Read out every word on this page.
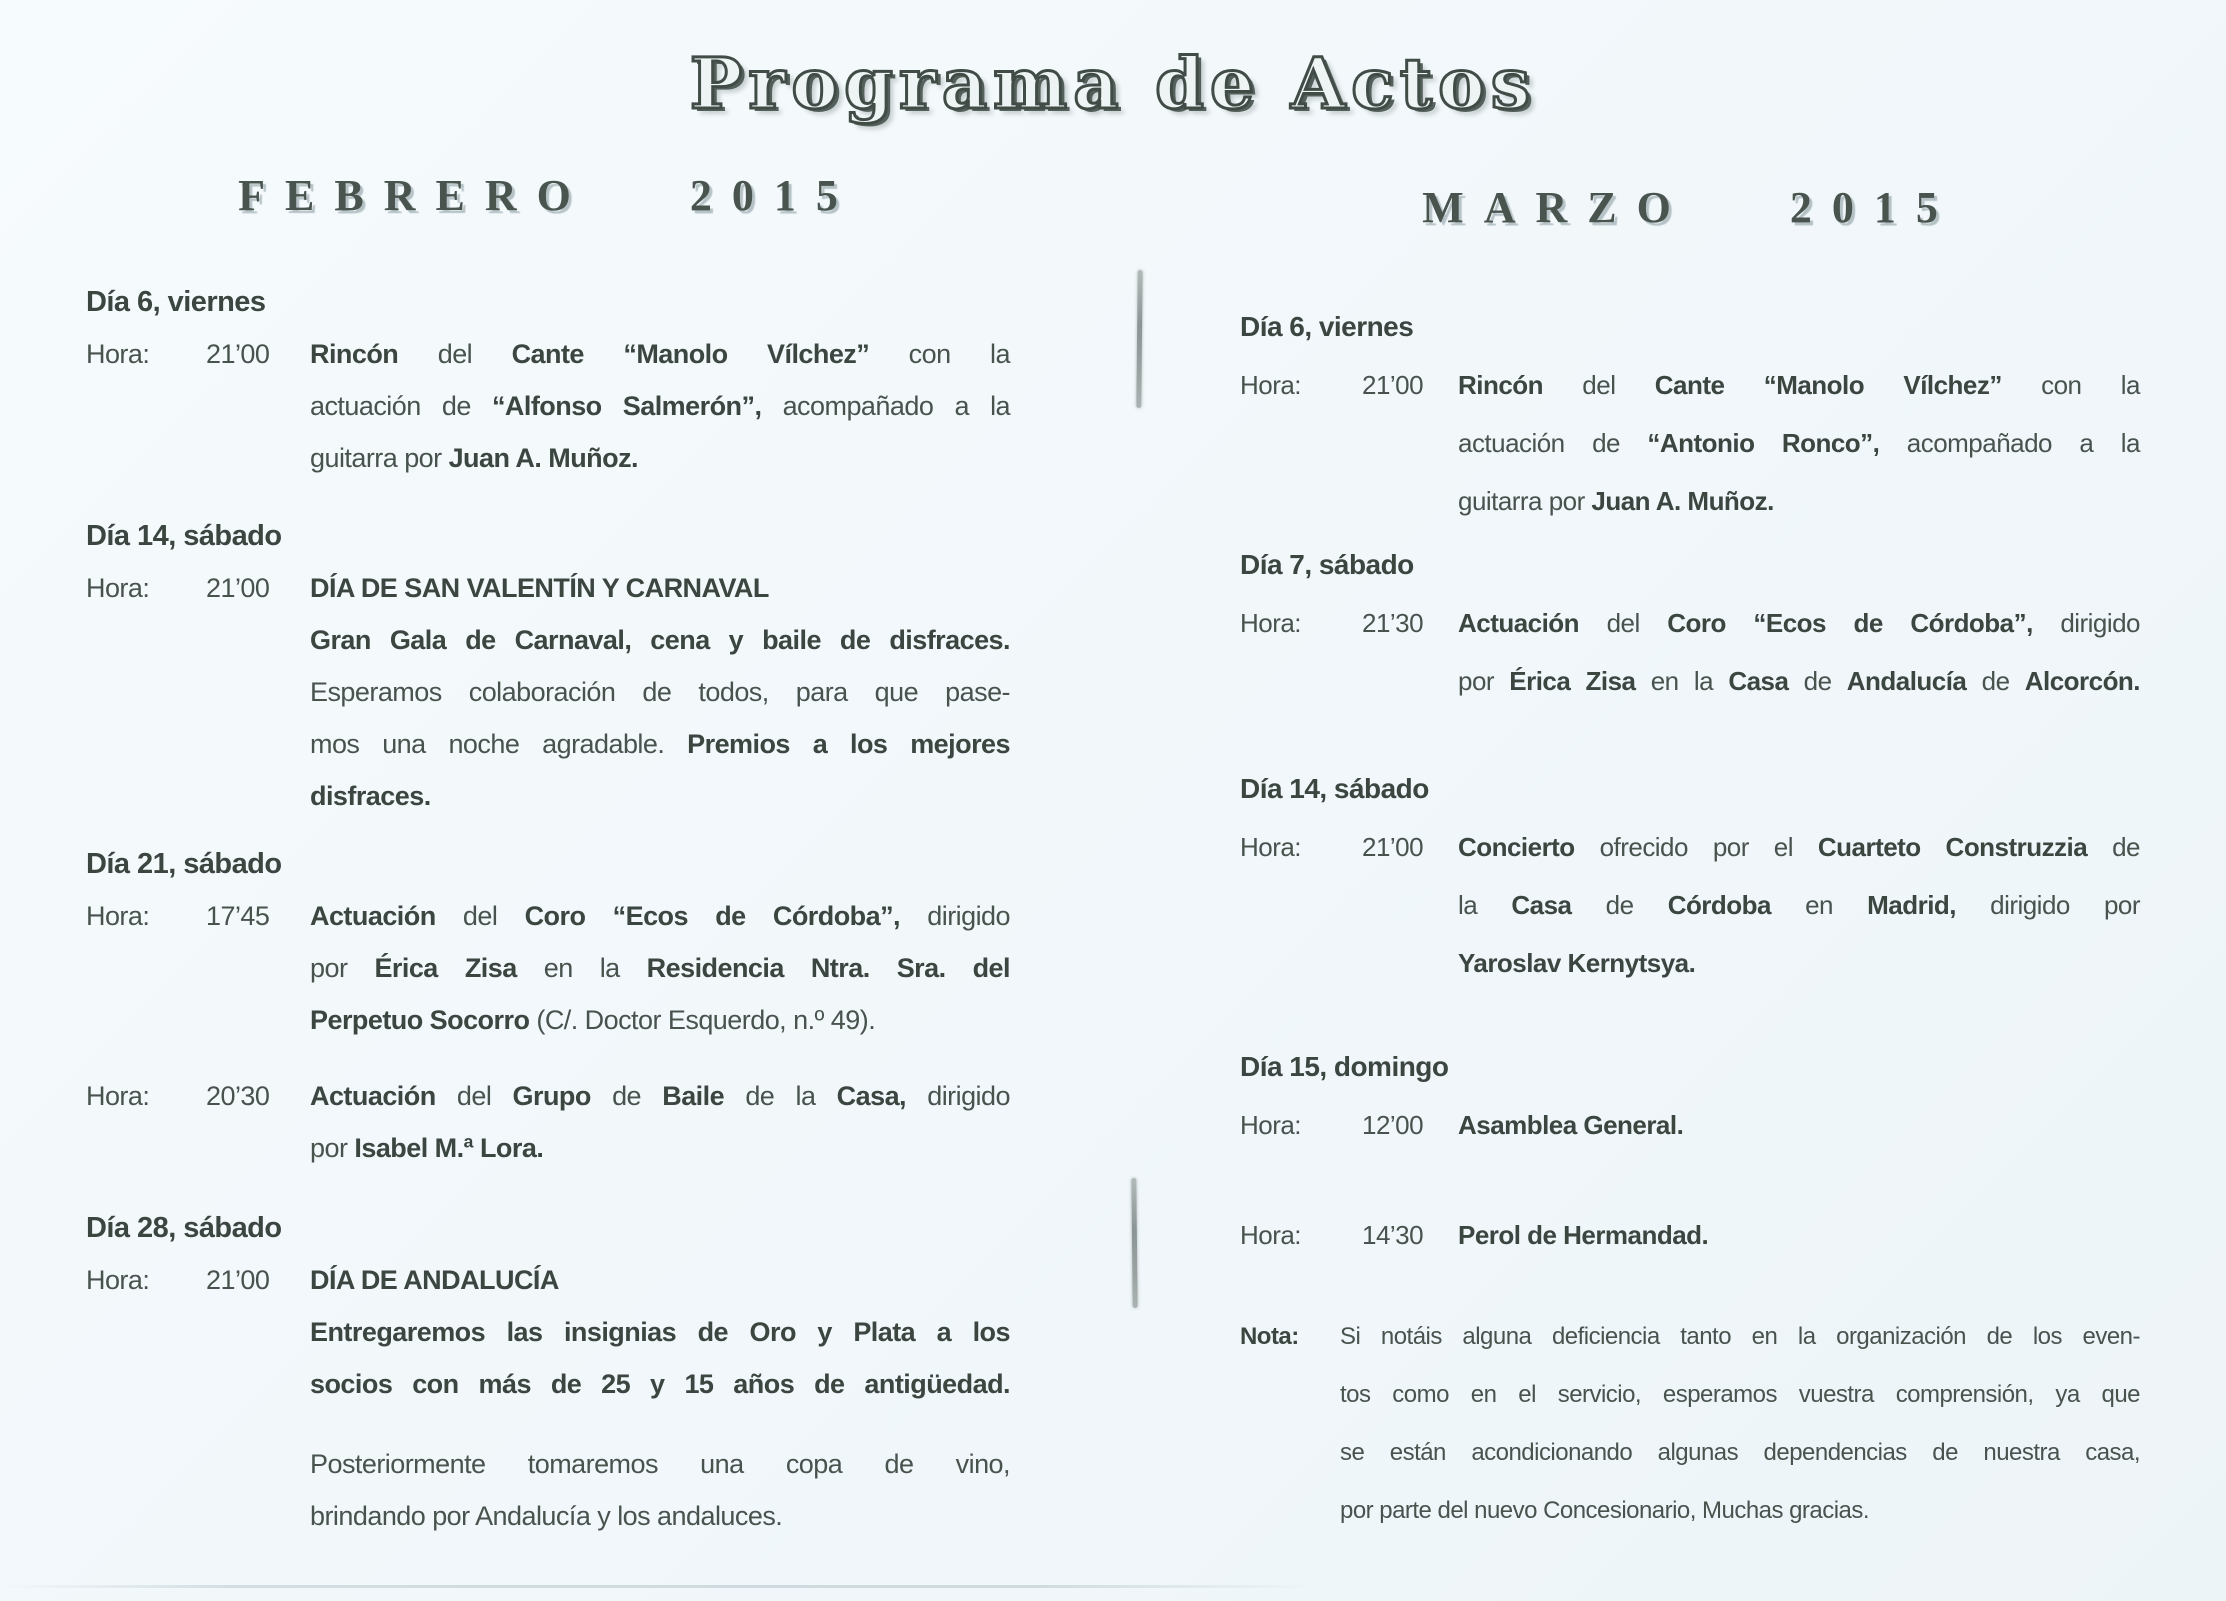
Programa de Actos
FEBRERO 2015
Día 6, viernes
Hora:	21’00	Rincón del Cante “Manolo Vílchez” con la
actuación de “Alfonso Salmerón”, acompañado a la
guitarra por Juan A. Muñoz.
Día 14, sábado
Hora:	21’00	DÍA DE SAN VALENTÍN Y CARNAVAL
Gran Gala de Carnaval, cena y baile de disfraces.
Esperamos colaboración de todos, para que pase-
mos una noche agradable. Premios a los mejores
disfraces.
Día 21, sábado
Hora:	17’45	Actuación del Coro “Ecos de Córdoba”, dirigido
por Érica Zisa en la Residencia Ntra. Sra. del
Perpetuo Socorro (C/. Doctor Esquerdo, n.º 49).
Hora:	20’30	Actuación del Grupo de Baile de la Casa, dirigido
por Isabel M.ª Lora.
Día 28, sábado
Hora:	21’00	DÍA DE ANDALUCÍA
Entregaremos las insignias de Oro y Plata a los
socios con más de 25 y 15 años de antigüedad.
Posteriormente tomaremos una copa de vino,
brindando por Andalucía y los andaluces.
MARZO 2015
Día 6, viernes
Hora:	21’00	Rincón del Cante “Manolo Vílchez” con la
actuación de “Antonio Ronco”, acompañado a la
guitarra por Juan A. Muñoz.
Día 7, sábado
Hora:	21’30	Actuación del Coro “Ecos de Córdoba”, dirigido
por Érica Zisa en la Casa de Andalucía de Alcorcón.
Día 14, sábado
Hora:	21’00	Concierto ofrecido por el Cuarteto Construzzia de
la Casa de Córdoba en Madrid, dirigido por
Yaroslav Kernytsya.
Día 15, domingo
Hora:	12’00	Asamblea General.
Hora:	14’30	Perol de Hermandad.
Nota:	Si notáis alguna deficiencia tanto en la organización de los even-
tos como en el servicio, esperamos vuestra comprensión, ya que
se están acondicionando algunas dependencias de nuestra casa,
por parte del nuevo Concesionario, Muchas gracias.
